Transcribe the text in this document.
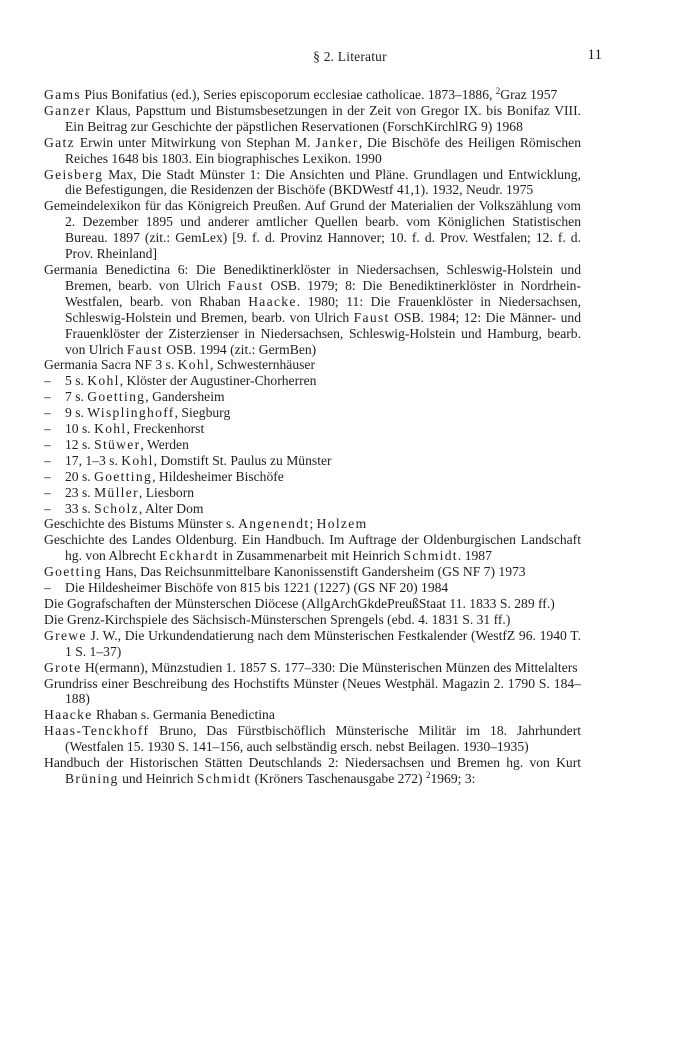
§ 2. Literatur	11
Gams Pius Bonifatius (ed.), Series episcoporum ecclesiae catholicae. 1873–1886, $^2$Graz 1957
Ganzer Klaus, Papsttum und Bistumsbesetzungen in der Zeit von Gregor IX. bis Bonifaz VIII. Ein Beitrag zur Geschichte der päpstlichen Reservationen (ForschKirchlRG 9) 1968
Gatz Erwin unter Mitwirkung von Stephan M. Janker, Die Bischöfe des Heiligen Römischen Reiches 1648 bis 1803. Ein biographisches Lexikon. 1990
Geisberg Max, Die Stadt Münster 1: Die Ansichten und Pläne. Grundlagen und Entwicklung, die Befestigungen, die Residenzen der Bischöfe (BKDWestf 41,1). 1932, Neudr. 1975
Gemeindelexikon für das Königreich Preußen. Auf Grund der Materialien der Volkszählung vom 2. Dezember 1895 und anderer amtlicher Quellen bearb. vom Königlichen Statistischen Bureau. 1897 (zit.: GemLex) [9. f. d. Provinz Hannover; 10. f. d. Prov. Westfalen; 12. f. d. Prov. Rheinland]
Germania Benedictina 6: Die Benediktinerklöster in Niedersachsen, Schleswig-Holstein und Bremen, bearb. von Ulrich Faust OSB. 1979; 8: Die Benediktinerklöster in Nordrhein-Westfalen, bearb. von Rhaban Haacke. 1980; 11: Die Frauenklöster in Niedersachsen, Schleswig-Holstein und Bremen, bearb. von Ulrich Faust OSB. 1984; 12: Die Männer- und Frauenklöster der Zisterzienser in Niedersachsen, Schleswig-Holstein und Hamburg, bearb. von Ulrich Faust OSB. 1994 (zit.: GermBen)
Germania Sacra NF 3 s. Kohl, Schwesternhäuser
– 5 s. Kohl, Klöster der Augustiner-Chorherren
– 7 s. Goetting, Gandersheim
– 9 s. Wisplinghoff, Siegburg
– 10 s. Kohl, Freckenhorst
– 12 s. Stüwer, Werden
– 17, 1–3 s. Kohl, Domstift St. Paulus zu Münster
– 20 s. Goetting, Hildesheimer Bischöfe
– 23 s. Müller, Liesborn
– 33 s. Scholz, Alter Dom
Geschichte des Bistums Münster s. Angenendt; Holzem
Geschichte des Landes Oldenburg. Ein Handbuch. Im Auftrage der Oldenburgischen Landschaft hg. von Albrecht Eckhardt in Zusammenarbeit mit Heinrich Schmidt. 1987
Goetting Hans, Das Reichsunmittelbare Kanonissenstift Gandersheim (GS NF 7) 1973
– Die Hildesheimer Bischöfe von 815 bis 1221 (1227) (GS NF 20) 1984
Die Gografschaften der Münsterschen Diöcese (AllgArchGkdePreußStaat 11. 1833 S. 289 ff.)
Die Grenz-Kirchspiele des Sächsisch-Münsterschen Sprengels (ebd. 4. 1831 S. 31 ff.)
Grewe J. W., Die Urkundendatierung nach dem Münsterischen Festkalender (WestfZ 96. 1940 T. 1 S. 1–37)
Grote H(ermann), Münzstudien 1. 1857 S. 177–330: Die Münsterischen Münzen des Mittelalters
Grundriss einer Beschreibung des Hochstifts Münster (Neues Westphäl. Magazin 2. 1790 S. 184–188)
Haacke Rhaban s. Germania Benedictina
Haas-Tenckhoff Bruno, Das Fürstbischöflich Münsterische Militär im 18. Jahrhundert (Westfalen 15. 1930 S. 141–156, auch selbständig ersch. nebst Beilagen. 1930–1935)
Handbuch der Historischen Stätten Deutschlands 2: Niedersachsen und Bremen hg. von Kurt Brüning und Heinrich Schmidt (Kröners Taschenausgabe 272) $^2$1969; 3:
